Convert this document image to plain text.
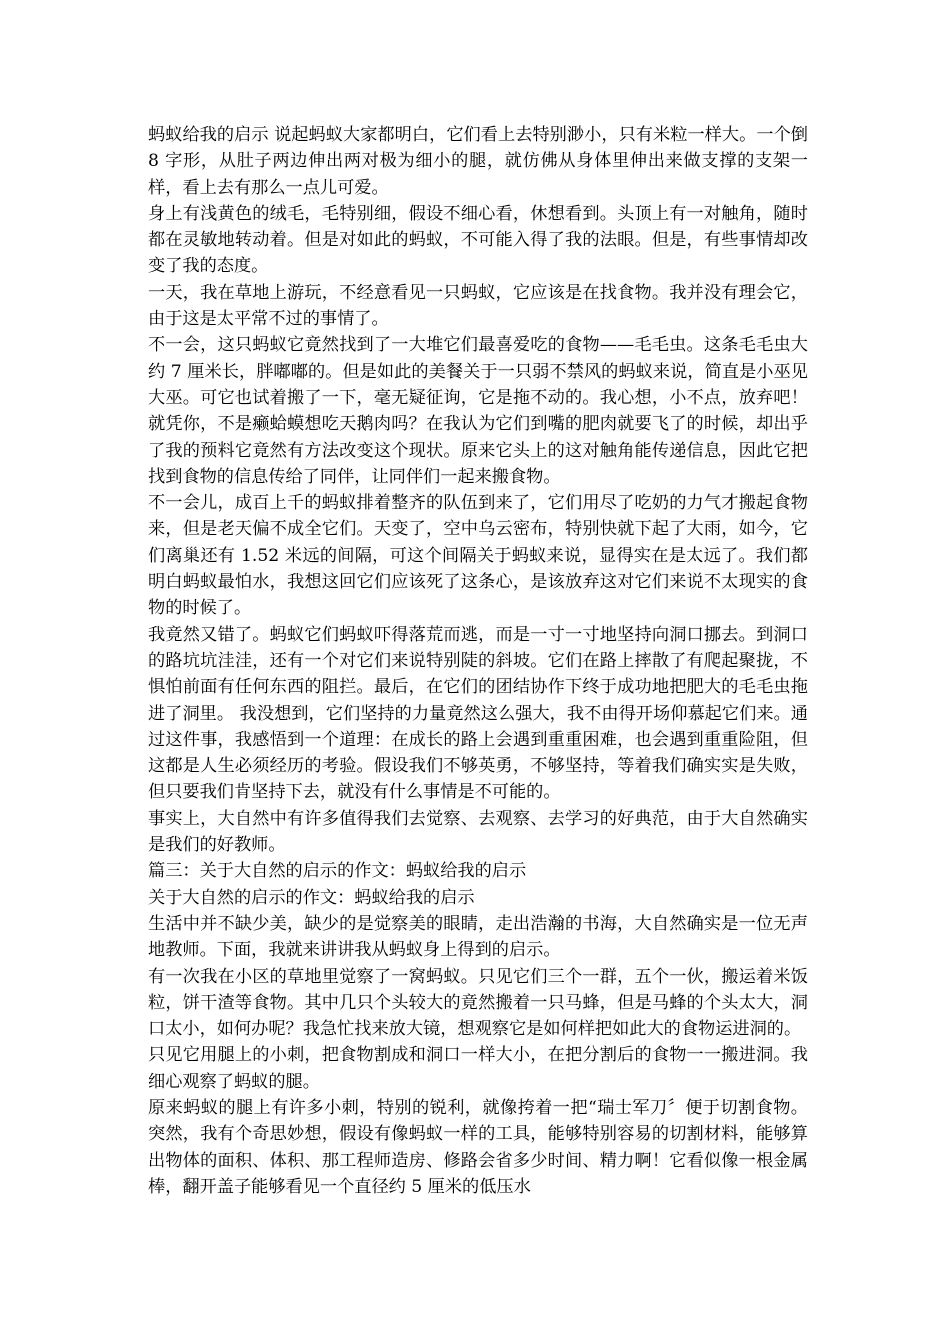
蚂蚁给我的启示 说起蚂蚁大家都明白，它们看上去特别渺小，只有米粒一样大。一个倒 8 字形，从肚子两边伸出两对极为细小的腿，就仿佛从身体里伸出来做支撑的支架一样，看上去有那么一点儿可爱。

身上有浅黄色的绒毛，毛特别细，假设不细心看，休想看到。头顶上有一对触角，随时都在灵敏地转动着。但是对如此的蚂蚁，不可能入得了我的法眼。但是，有些事情却改变了我的态度。

一天，我在草地上游玩，不经意看见一只蚂蚁，它应该是在找食物。我并没有理会它，由于这是太平常不过的事情了。

不一会，这只蚂蚁它竟然找到了一大堆它们最喜爱吃的食物——毛毛虫。这条毛毛虫大约 7 厘米长，胖嘟嘟的。但是如此的美餐关于一只弱不禁风的蚂蚁来说，简直是小巫见大巫。可它也试着搬了一下，毫无疑征询，它是拖不动的。我心想，小不点，放弃吧！就凭你，不是癞蛤蟆想吃天鹅肉吗？在我认为它们到嘴的肥肉就要飞了的时候，却出乎了我的预料它竟然有方法改变这个现状。原来它头上的这对触角能传递信息，因此它把找到食物的信息传给了同伴，让同伴们一起来搬食物。

不一会儿，成百上千的蚂蚁排着整齐的队伍到来了，它们用尽了吃奶的力气才搬起食物来，但是老天偏不成全它们。天变了，空中乌云密布，特别快就下起了大雨，如今，它们离巢还有 1.52 米远的间隔，可这个间隔关于蚂蚁来说，显得实在是太远了。我们都明白蚂蚁最怕水，我想这回它们应该死了这条心，是该放弃这对它们来说不太现实的食物的时候了。

我竟然又错了。蚂蚁它们蚂蚁吓得落荒而逃，而是一寸一寸地坚持向洞口挪去。到洞口的路坑坑洼洼，还有一个对它们来说特别陡的斜坡。它们在路上摔散了有爬起聚拢，不惧怕前面有任何东西的阻拦。最后，在它们的团结协作下终于成功地把肥大的毛毛虫拖进了洞里。 我没想到，它们坚持的力量竟然这么强大，我不由得开场仰慕起它们来。通过这件事，我感悟到一个道理：在成长的路上会遇到重重困难，也会遇到重重险阻，但这都是人生必须经历的考验。假设我们不够英勇，不够坚持，等着我们确实实是失败，但只要我们肯坚持下去，就没有什么事情是不可能的。

事实上，大自然中有许多值得我们去觉察、去观察、去学习的好典范，由于大自然确实是我们的好教师。

篇三：关于大自然的启示的作文：蚂蚁给我的启示

关于大自然的启示的作文：蚂蚁给我的启示

生活中并不缺少美，缺少的是觉察美的眼睛，走出浩瀚的书海，大自然确实是一位无声地教师。下面，我就来讲讲我从蚂蚁身上得到的启示。

有一次我在小区的草地里觉察了一窝蚂蚁。只见它们三个一群，五个一伙，搬运着米饭粒，饼干渣等食物。其中几只个头较大的竟然搬着一只马蜂，但是马蜂的个头太大，洞口太小，如何办呢？我急忙找来放大镜，想观察它是如何样把如此大的食物运进洞的。

只见它用腿上的小刺，把食物割成和洞口一样大小，在把分割后的食物一一搬进洞。我细心观察了蚂蚁的腿。

原来蚂蚁的腿上有许多小刺，特别的锐利，就像挎着一把“瑞士军刀〞便于切割食物。 突然，我有个奇思妙想，假设有像蚂蚁一样的工具，能够特别容易的切割材料，能够算出物体的面积、体积、那工程师造房、修路会省多少时间、精力啊！它看似像一根金属棒，翻开盖子能够看见一个直径约 5 厘米的低压水
